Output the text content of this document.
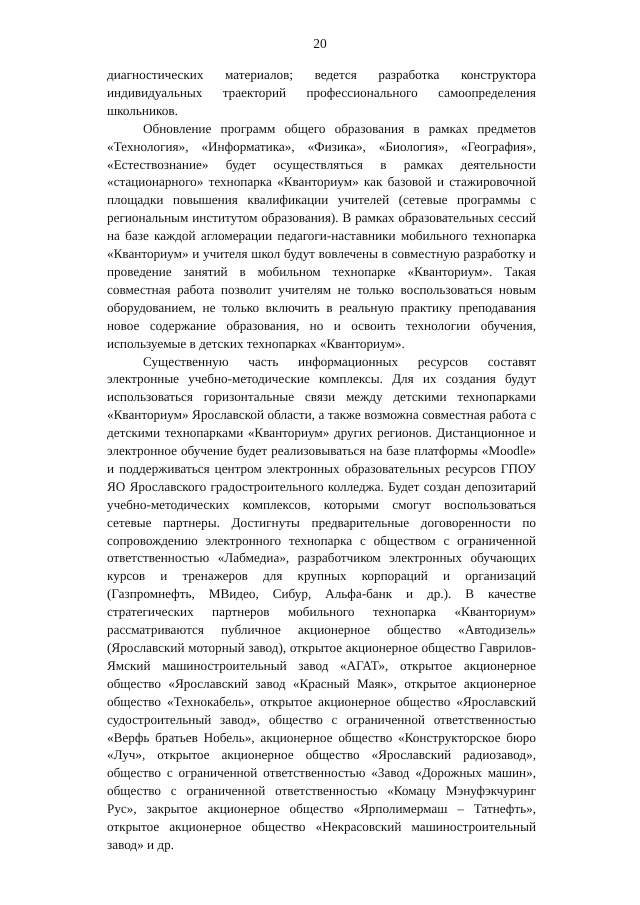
20

диагностических материалов; ведется разработка конструктора индивидуальных траекторий профессионального самоопределения школьников.

Обновление программ общего образования в рамках предметов «Технология», «Информатика», «Физика», «Биология», «География», «Естествознание» будет осуществляться в рамках деятельности «стационарного» технопарка «Кванториум» как базовой и стажировочной площадки повышения квалификации учителей (сетевые программы с региональным институтом образования). В рамках образовательных сессий на базе каждой агломерации педагоги-наставники мобильного технопарка «Кванториум» и учителя школ будут вовлечены в совместную разработку и проведение занятий в мобильном технопарке «Кванториум». Такая совместная работа позволит учителям не только воспользоваться новым оборудованием, не только включить в реальную практику преподавания новое содержание образования, но и освоить технологии обучения, используемые в детских технопарках «Кванториум».

Существенную часть информационных ресурсов составят электронные учебно-методические комплексы. Для их создания будут использоваться горизонтальные связи между детскими технопарками «Кванториум» Ярославской области, а также возможна совместная работа с детскими технопарками «Кванториум» других регионов. Дистанционное и электронное обучение будет реализовываться на базе платформы «Moodle» и поддерживаться центром электронных образовательных ресурсов ГПОУ ЯО Ярославского градостроительного колледжа. Будет создан депозитарий учебно-методических комплексов, которыми смогут воспользоваться сетевые партнеры. Достигнуты предварительные договоренности по сопровождению электронного технопарка с обществом с ограниченной ответственностью «Лабмедиа», разработчиком электронных обучающих курсов и тренажеров для крупных корпораций и организаций (Газпромнефть, МВидео, Сибур, Альфа-банк и др.). В качестве стратегических партнеров мобильного технопарка «Кванториум» рассматриваются публичное акционерное общество «Автодизель» (Ярославский моторный завод), открытое акционерное общество Гаврилов-Ямский машиностроительный завод «АГАТ», открытое акционерное общество «Ярославский завод «Красный Маяк», открытое акционерное общество «Технокабель», открытое акционерное общество «Ярославский судостроительный завод», общество с ограниченной ответственностью «Верфь братьев Нобель», акционерное общество «Конструкторское бюро «Луч», открытое акционерное общество «Ярославский радиозавод», общество с ограниченной ответственностью «Завод «Дорожных машин», общество с ограниченной ответственностью «Комацу Мэнуфэкчуринг Рус», закрытое акционерное общество «Ярполимермаш – Татнефть», открытое акционерное общество «Некрасовский машиностроительный завод» и др.
